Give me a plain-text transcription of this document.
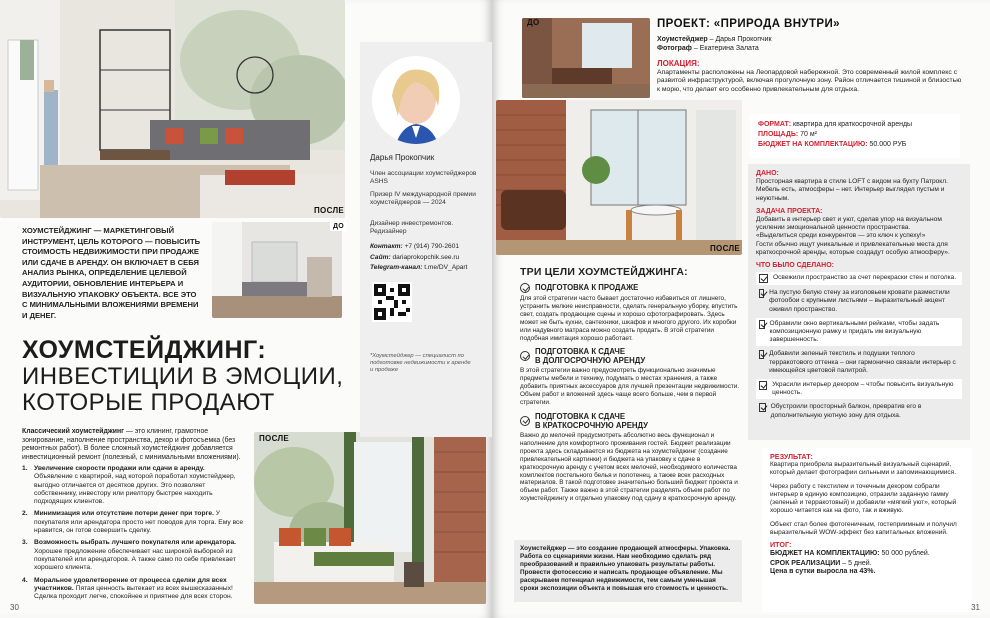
ПОСЛЕ
ХОУМСТЕЙДЖИНГ — МАРКЕТИНГОВЫЙ ИНСТРУМЕНТ, ЦЕЛЬ КОТОРОГО — ПОВЫСИТЬ СТОИМОСТЬ НЕДВИЖИМОСТИ ПРИ ПРОДАЖЕ ИЛИ СДАЧЕ В АРЕНДУ. ОН ВКЛЮЧАЕТ В СЕБЯ АНАЛИЗ РЫНКА, ОПРЕДЕЛЕНИЕ ЦЕЛЕВОЙ АУДИТОРИИ, ОБНОВЛЕНИЕ ИНТЕРЬЕРА И ВИЗУАЛЬНУЮ УПАКОВКУ ОБЪЕКТА. ВСЕ ЭТО С МИНИМАЛЬНЫМИ ВЛОЖЕНИЯМИ ВРЕМЕНИ И ДЕНЕГ.
ДО
ХОУМСТЕЙДЖИНГ:
ИНВЕСТИЦИИ В ЭМОЦИИ,
КОТОРЫЕ ПРОДАЮТ
Классический хоумстейджинг — это клининг, грамотное зонирование, наполнение пространства, декор и фотосъемка (без ремонтных работ). В более сложный хоумстейджинг добавляется инвестиционный ремонт (полезный, с минимальными вложениями).

1. Увеличение скорости продажи или сдачи в аренду. Объявление с квартирой, над которой поработал хоумстейджер, выгодно отличается от десятков других. Это позволяет собственнику, инвестору или риелтору быстрее находить подходящих клиентов.

2. Минимизация или отсутствие потери денег при торге. У покупателя или арендатора просто нет поводов для торга. Ему все нравится, он готов совершить сделку.

3. Возможность выбрать лучшего покупателя или арендатора. Хорошее предложение обеспечивает нас широкой выборкой из покупателей или арендаторов. А также само по себе привлекает хорошего клиента.

4. Моральное удовлетворение от процесса сделки для всех участников. Пятая ценность вытекает из всех вышесказанных! Сделка проходит легче, спокойнее и приятнее для всех сторон.

ПОСЛЕ
Дарья Прокопчик
Член ассоциации хоумстейджеров ASHS
Призер IV международной премии хоумстейджеров — 2024
Дизайнер инвестремонтов. Редизайнер
Контакт: +7 (914) 790-2601
Сайт: dariaprokopchik.see.ru
Telegram-канал: t.me/DV_Apart
*Хоумстейджер — специалист по подготовке недвижимости к аренде и продаже
30
ДО	ПРОЕКТ: «ПРИРОДА ВНУТРИ»
Хоумстейджер – Дарья Прокопчик
Фотограф – Екатерина Залата
ЛОКАЦИЯ:
Апартаменты расположены на Леопардовой набережной. Это современный жилой комплекс с развитой инфраструктурой, включая прогулочную зону. Район отличается тишиной и близостью к морю, что делает его особенно привлекательным для отдыха.
ПОСЛЕ
ФОРМАТ: квартира для краткосрочной аренды
ПЛОЩАДЬ: 70 м²
БЮДЖЕТ НА КОМПЛЕКТАЦИЮ: 50.000 РУБ
ДАНО:
Просторная квартира в стиле LOFT с видом на бухту Патрокл. Мебель есть, атмосферы – нет. Интерьер выглядел пустым и неуютным.
ЗАДАЧА ПРОЕКТА:
Добавить в интерьер свет и уют, сделав упор на визуальном усилении эмоциональной ценности пространства.
«Выделиться среди конкурентов — это ключ к успеху!»
Гости обычно ищут уникальные и привлекательные места для краткосрочной аренды, которые создадут особую атмосферу».
ЧТО БЫЛО СДЕЛАНО:
Освежили пространство за счет перекраски стен и потолка.
На пустую белую стену за изголовьем кровати разместили фотообои с крупными листьями – выразительный акцент оживил пространство.
Обрамили окно вертикальными рейками, чтобы задать композиционную рамку и придать им визуальную завершенность.
Добавили зеленый текстиль и подушки теплого терракотового оттенка – они гармонично связали интерьер с имеющейся цветовой палитрой.
Украсили интерьер декором – чтобы повысить визуальную ценность.
Обустроили просторный балкон, превратив его в дополнительную уютную зону для отдыха.
ТРИ ЦЕЛИ ХОУМСТЕЙДЖИНГА:
ПОДГОТОВКА К ПРОДАЖЕ
Для этой стратегии часто бывает достаточно избавиться от лишнего, устранить мелкие неисправности, сделать генеральную уборку, впустить свет, создать продающие сцены и хорошо сфотографировать. Здесь может не быть кухни, сантехники, шкафов и многого другого. Их коробки или надувного матраса можно создать продать. В этой стратегии подобная имитация хорошо работает.
ПОДГОТОВКА К СДАЧЕ
В ДОЛГОСРОЧНУЮ АРЕНДУ
В этой стратегии важно предусмотреть функционально значимые предметы мебели и технику, подумать о местах хранения, а также добавить приятных аксессуаров для лучшей презентации недвижимости. Объем работ и вложений здесь чаще всего больше, чем в первой стратегии.
ПОДГОТОВКА К СДАЧЕ
В КРАТКОСРОЧНУЮ АРЕНДУ
Важно до мелочей предусмотреть абсолютно весь функционал и наполнение для комфортного проживания гостей. Бюджет реализации проекта здесь складывается из бюджета на хоумстейджинг (создание привлекательной картинки) и бюджета на упаковку к сдаче в краткосрочную аренду с учетом всех мелочей, необходимого количества комплектов постельного белья и полотенец, а также всех расходных материалов. В такой подготовке значительно больший бюджет проекта и объем работ. Также важно в этой стратегии разделять объем работ по хоумстейджингу и отдельно упаковку под сдачу в краткосрочную аренду.
Хоумстейджер — это создание продающей атмосферы. Упаковка. Работа со сценариями жизни. Нам необходимо сделать ряд преобразований и правильно упаковать результаты работы. Провести фотосессию и написать продающее объявление. Мы раскрываем потенциал недвижимости, тем самым уменьшая сроки экспозиции объекта и повышая его стоимость и ценность.
РЕЗУЛЬТАТ:
Квартира приобрела выразительный визуальный сценарий, который делает фотографии сильными и запоминающимися.
Через работу с текстилем и точечным декором собрали интерьер в единую композицию, отразили заданную гамму (зеленый и терракотовый) и добавили «мягкий уют», который хорошо читается как на фото, так и вживую.
Объект стал более фотогеничным, гостеприимным и получил выразительный WOW-эффект без капитальных вложений.
ИТОГ:
БЮДЖЕТ НА КОМПЛЕКТАЦИЮ: 50 000 рублей.
СРОК РЕАЛИЗАЦИИ – 5 дней.
Цена в сутки выросла на 43%.
31
